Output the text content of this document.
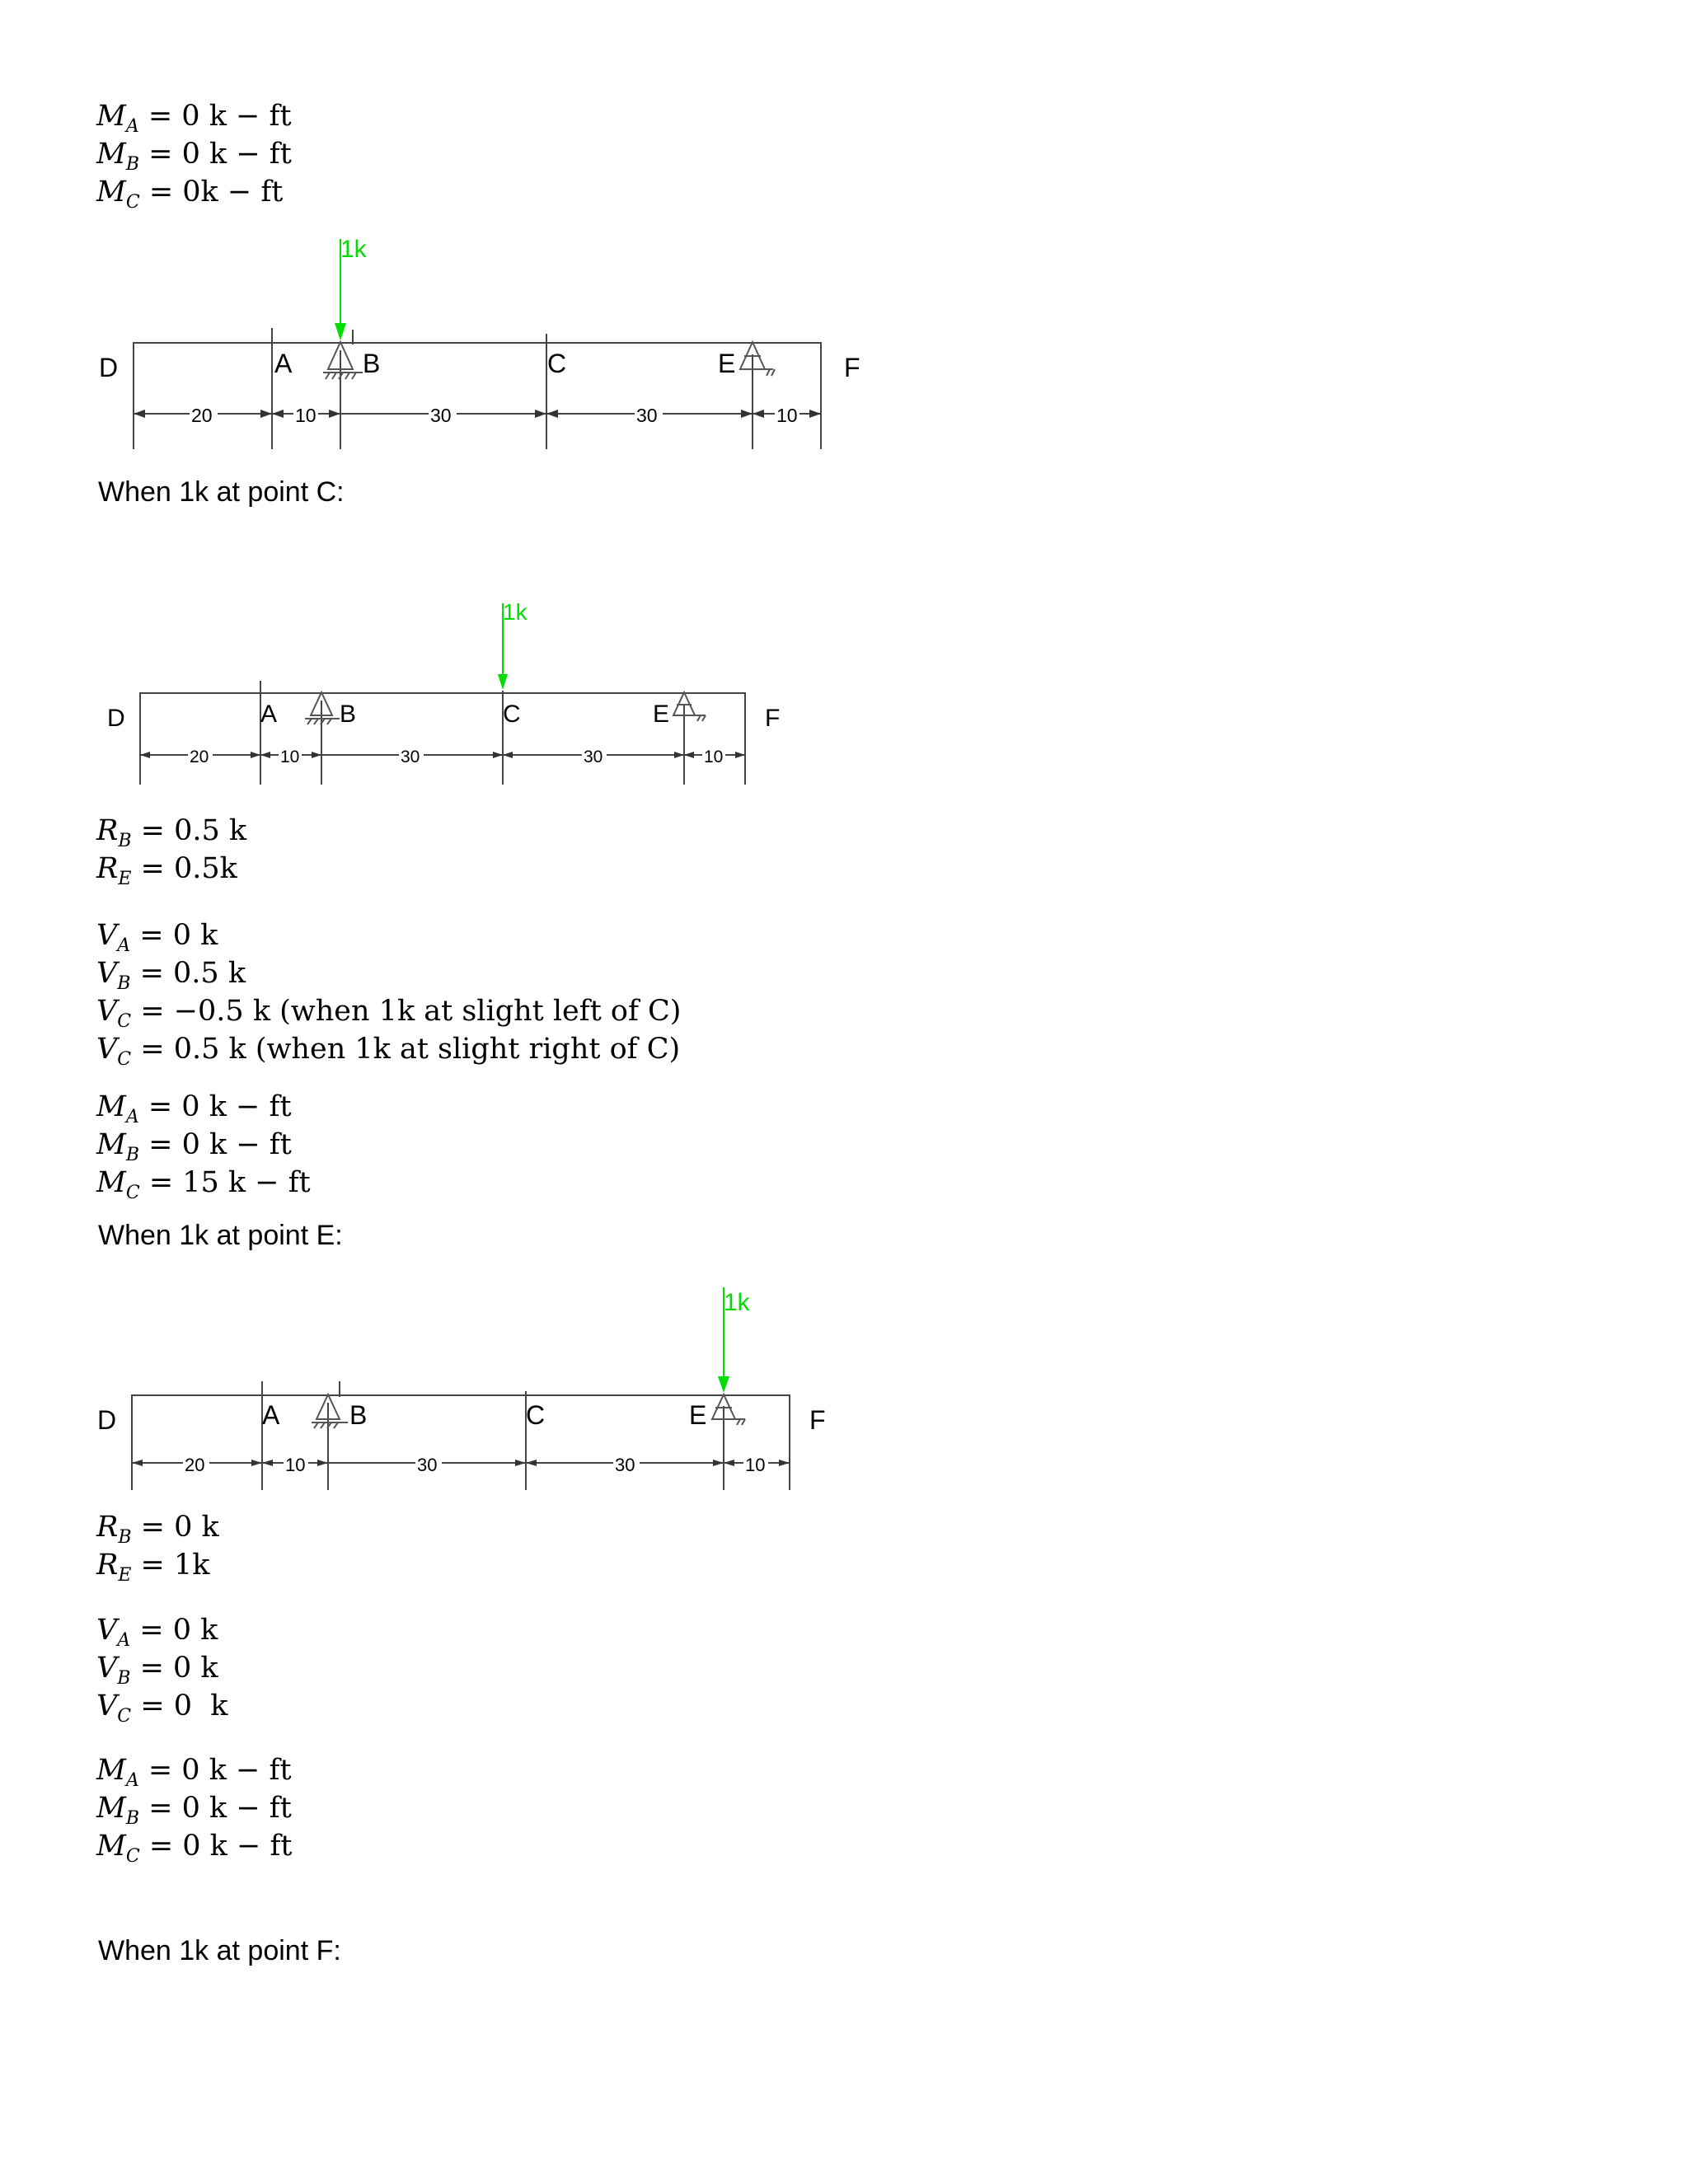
$M_A = 0$ k − ft
$M_B = 0$ k − ft
$M_C = 0k$ − ft
1k
D	A	B	C	E	F
20	10	30	30	10
When 1k at point C:
1k
D	A	B	C	E	F
20	10	30	30	10
$R_B = 0.5$ k
$R_E = 0.5k$
$V_A = 0$ k
$V_B = 0.5$ k
$V_C = -0.5$ k (when 1k at slight left of C)
$V_C = 0.5$ k (when 1k at slight right of C)
$M_A = 0$ k − ft
$M_B = 0$ k − ft
$M_C = 15$ k − ft
When 1k at point E:
1k
D	A	B	C	E	F
20	10	30	30	10
$R_B = 0$ k
$R_E = 1k$
$V_A = 0$ k
$V_B = 0$ k
$V_C = 0$  k
$M_A = 0$ k − ft
$M_B = 0$ k − ft
$M_C = 0$ k − ft
When 1k at point F:
